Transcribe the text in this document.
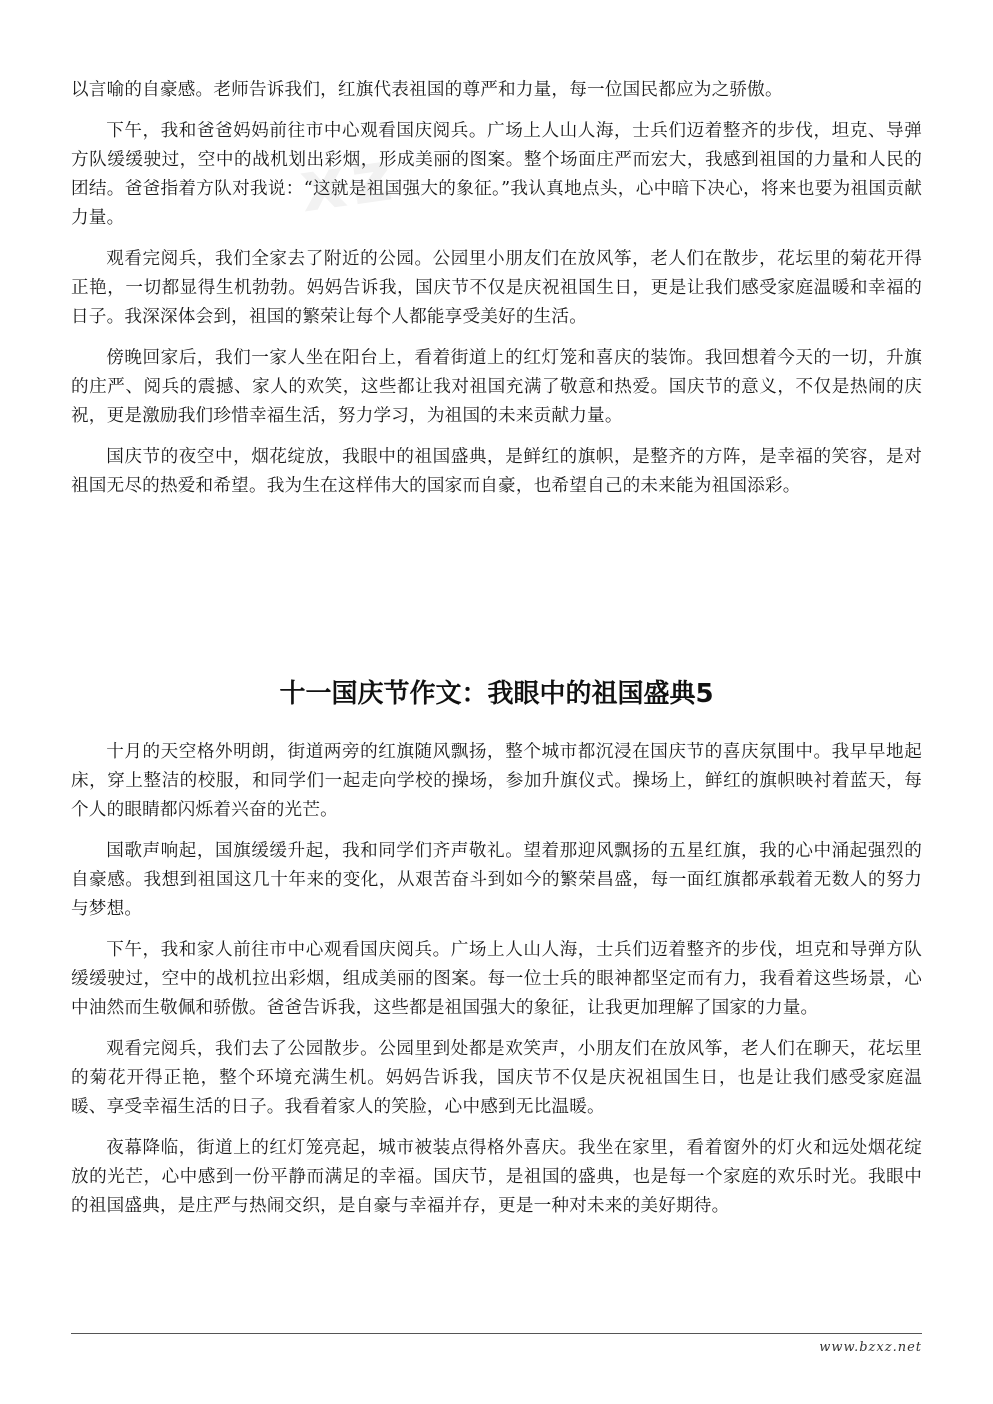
xz

以言喻的自豪感。老师告诉我们，红旗代表祖国的尊严和力量，每一位国民都应为之骄傲。

下午，我和爸爸妈妈前往市中心观看国庆阅兵。广场上人山人海，士兵们迈着整齐的步伐，坦克、导弹方队缓缓驶过，空中的战机划出彩烟，形成美丽的图案。整个场面庄严而宏大，我感到祖国的力量和人民的团结。爸爸指着方队对我说：“这就是祖国强大的象征。”我认真地点头，心中暗下决心，将来也要为祖国贡献力量。

观看完阅兵，我们全家去了附近的公园。公园里小朋友们在放风筝，老人们在散步，花坛里的菊花开得正艳，一切都显得生机勃勃。妈妈告诉我，国庆节不仅是庆祝祖国生日，更是让我们感受家庭温暖和幸福的日子。我深深体会到，祖国的繁荣让每个人都能享受美好的生活。

傍晚回家后，我们一家人坐在阳台上，看着街道上的红灯笼和喜庆的装饰。我回想着今天的一切，升旗的庄严、阅兵的震撼、家人的欢笑，这些都让我对祖国充满了敬意和热爱。国庆节的意义，不仅是热闹的庆祝，更是激励我们珍惜幸福生活，努力学习，为祖国的未来贡献力量。

国庆节的夜空中，烟花绽放，我眼中的祖国盛典，是鲜红的旗帜，是整齐的方阵，是幸福的笑容，是对祖国无尽的热爱和希望。我为生在这样伟大的国家而自豪，也希望自己的未来能为祖国添彩。

十一国庆节作文：我眼中的祖国盛典5

十月的天空格外明朗，街道两旁的红旗随风飘扬，整个城市都沉浸在国庆节的喜庆氛围中。我早早地起床，穿上整洁的校服，和同学们一起走向学校的操场，参加升旗仪式。操场上，鲜红的旗帜映衬着蓝天，每个人的眼睛都闪烁着兴奋的光芒。

国歌声响起，国旗缓缓升起，我和同学们齐声敬礼。望着那迎风飘扬的五星红旗，我的心中涌起强烈的自豪感。我想到祖国这几十年来的变化，从艰苦奋斗到如今的繁荣昌盛，每一面红旗都承载着无数人的努力与梦想。

下午，我和家人前往市中心观看国庆阅兵。广场上人山人海，士兵们迈着整齐的步伐，坦克和导弹方队缓缓驶过，空中的战机拉出彩烟，组成美丽的图案。每一位士兵的眼神都坚定而有力，我看着这些场景，心中油然而生敬佩和骄傲。爸爸告诉我，这些都是祖国强大的象征，让我更加理解了国家的力量。

观看完阅兵，我们去了公园散步。公园里到处都是欢笑声，小朋友们在放风筝，老人们在聊天，花坛里的菊花开得正艳，整个环境充满生机。妈妈告诉我，国庆节不仅是庆祝祖国生日，也是让我们感受家庭温暖、享受幸福生活的日子。我看着家人的笑脸，心中感到无比温暖。

夜幕降临，街道上的红灯笼亮起，城市被装点得格外喜庆。我坐在家里，看着窗外的灯火和远处烟花绽放的光芒，心中感到一份平静而满足的幸福。国庆节，是祖国的盛典，也是每一个家庭的欢乐时光。我眼中的祖国盛典，是庄严与热闹交织，是自豪与幸福并存，更是一种对未来的美好期待。

www.bzxz.net
